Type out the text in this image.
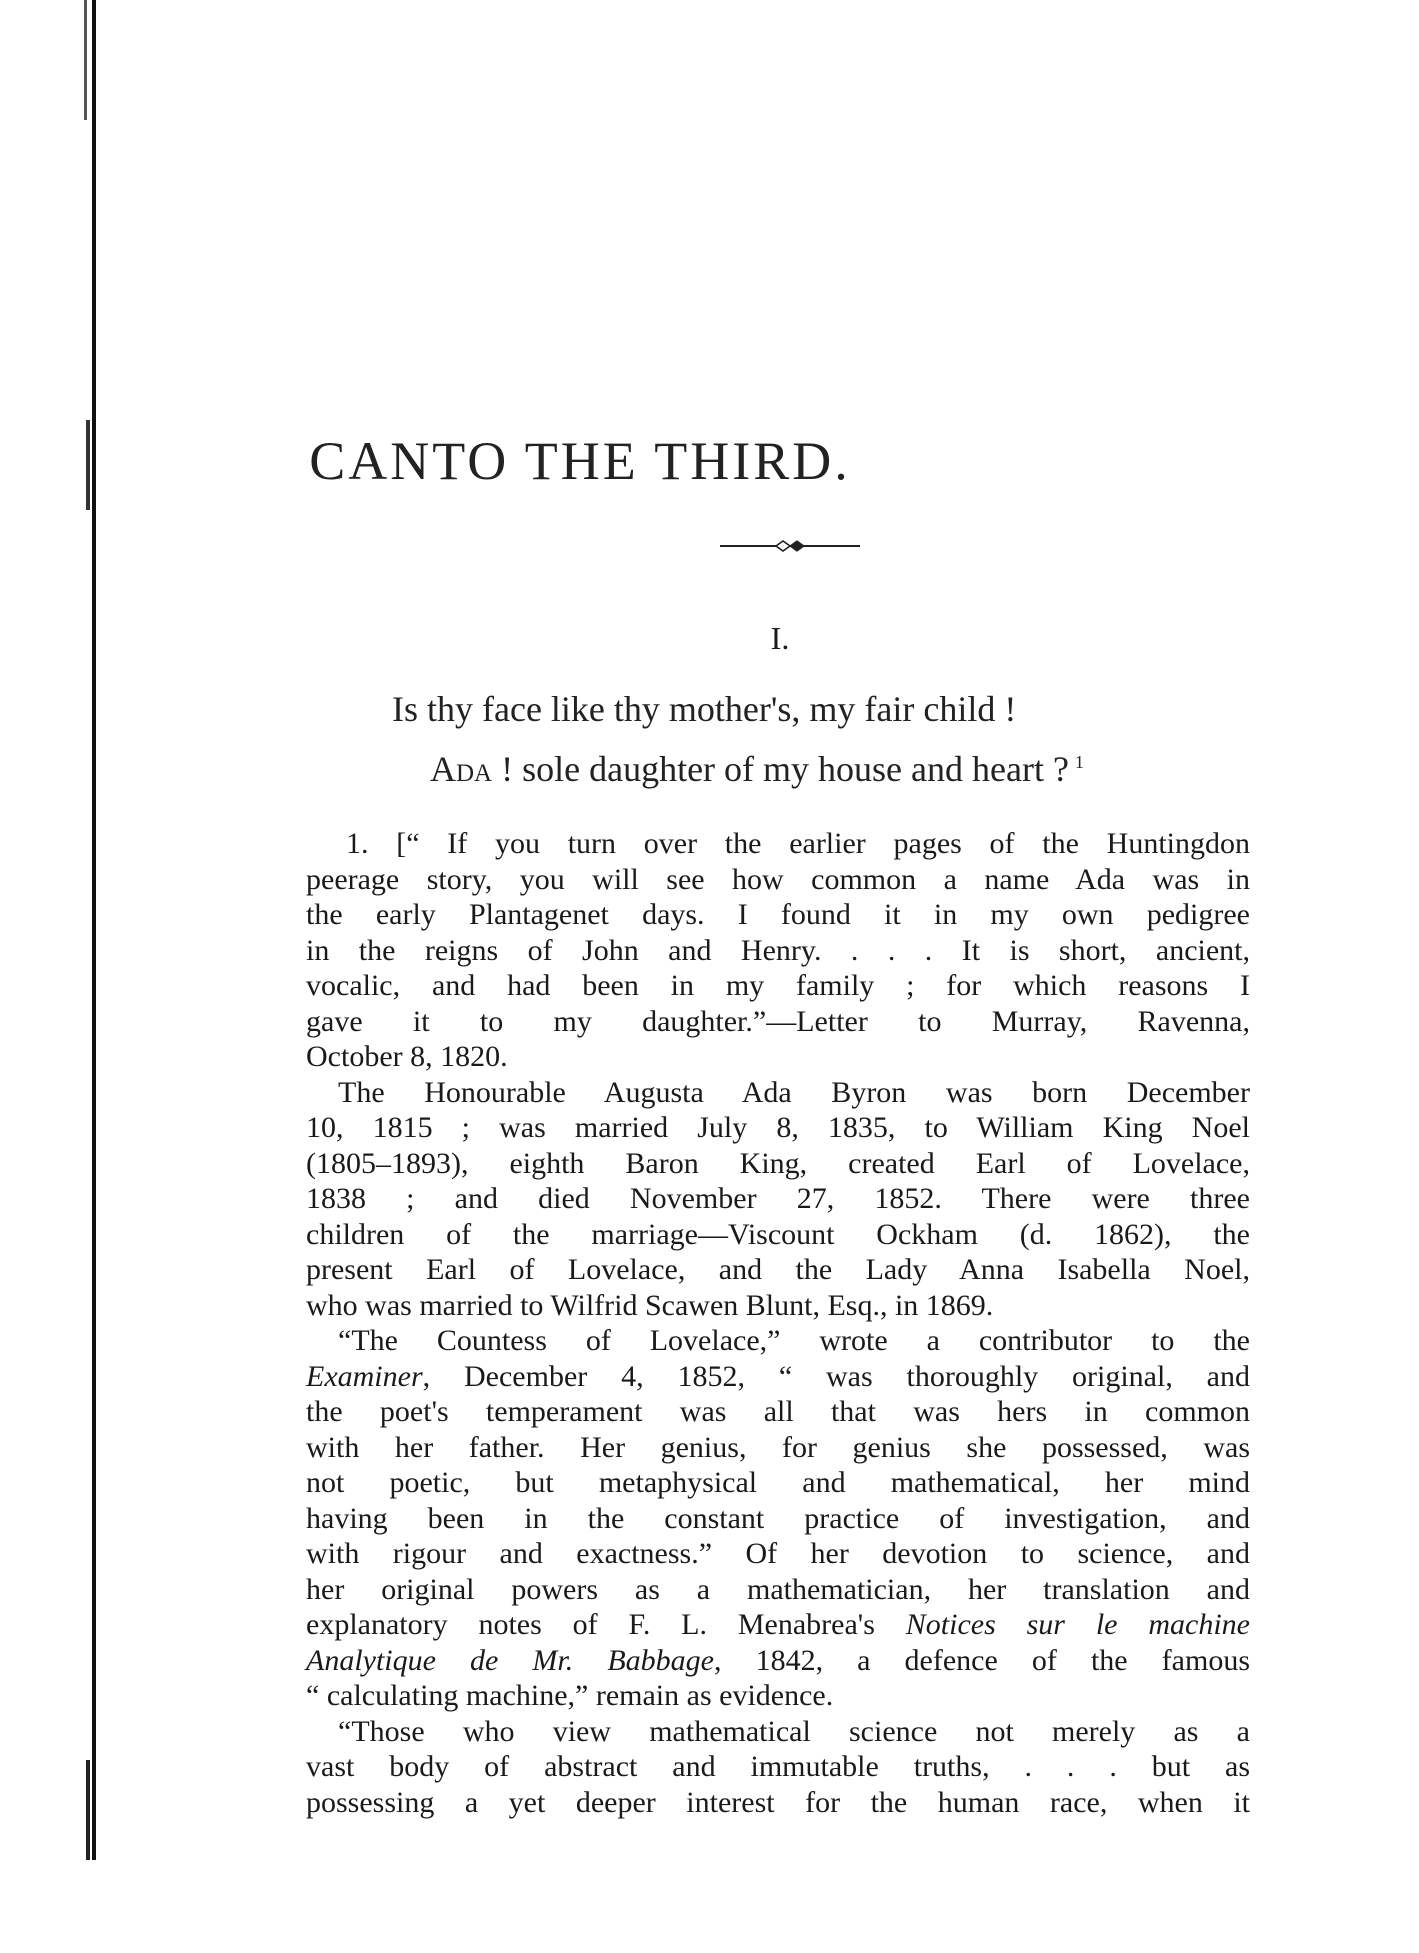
CANTO THE THIRD.
I.
Is thy face like thy mother's, my fair child !
Ada ! sole daughter of my house and heart ? $^1$
1. [“ If you turn over the earlier pages of the Huntingdon
peerage story, you will see how common a name Ada was in
the early Plantagenet days. I found it in my own pedigree
in the reigns of John and Henry. . . . It is short, ancient,
vocalic, and had been in my family ; for which reasons I
gave it to my daughter.”—Letter to Murray, Ravenna,
October 8, 1820.
The Honourable Augusta Ada Byron was born December
10, 1815 ; was married July 8, 1835, to William King Noel
(1805–1893), eighth Baron King, created Earl of Lovelace,
1838 ; and died November 27, 1852. There were three
children of the marriage—Viscount Ockham (d. 1862), the
present Earl of Lovelace, and the Lady Anna Isabella Noel,
who was married to Wilfrid Scawen Blunt, Esq., in 1869.
“The Countess of Lovelace,” wrote a contributor to the
Examiner, December 4, 1852, “ was thoroughly original, and
the poet's temperament was all that was hers in common
with her father. Her genius, for genius she possessed, was
not poetic, but metaphysical and mathematical, her mind
having been in the constant practice of investigation, and
with rigour and exactness.” Of her devotion to science, and
her original powers as a mathematician, her translation and
explanatory notes of F. L. Menabrea's Notices sur le machine
Analytique de Mr. Babbage, 1842, a defence of the famous
“ calculating machine,” remain as evidence.
“Those who view mathematical science not merely as a
vast body of abstract and immutable truths, . . . but as
possessing a yet deeper interest for the human race, when it
